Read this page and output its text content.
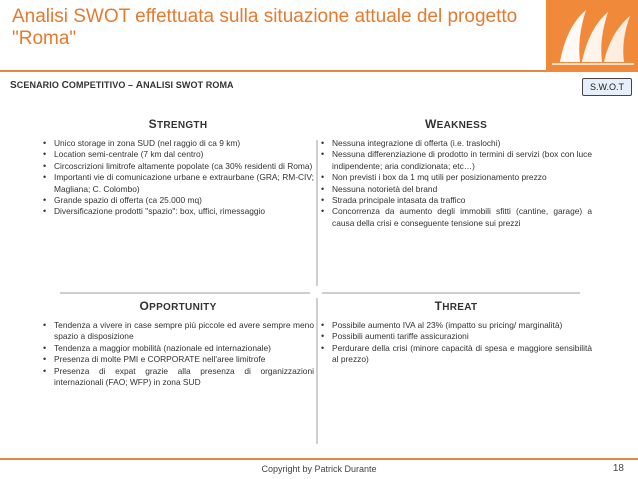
Analisi SWOT effettuata sulla situazione attuale del progetto "Roma"
SCENARIO COMPETITIVO – ANALISI SWOT ROMA	S.W.O.T
STRENGTH
• Unico storage in zona SUD (nel raggio di ca 9 km)
• Location semi-centrale (7 km dal centro)
• Circoscrizioni limitrofe altamente popolate (ca 30% residenti di Roma)
• Importanti vie di comunicazione urbane e extraurbane (GRA; RM-CIV; Magliana; C. Colombo)
• Grande spazio di offerta (ca 25.000 mq)
• Diversificazione prodotti "spazio": box, uffici, rimessaggio
WEAKNESS
• Nessuna integrazione di offerta (i.e. traslochi)
• Nessuna differenziazione di prodotto in termini di servizi (box con luce indipendente; aria condizionata; etc…)
• Non previsti i box da 1 mq utili per posizionamento prezzo
• Nessuna notorietà del brand
• Strada principale intasata da traffico
• Concorrenza da aumento degli immobili sfitti (cantine, garage) a causa della crisi e conseguente tensione sui prezzi
OPPORTUNITY
• Tendenza a vivere in case sempre più piccole ed avere sempre meno spazio a disposizione
• Tendenza a maggior mobilità (nazionale ed internazionale)
• Presenza di molte PMI e CORPORATE nell'aree limitrofe
• Presenza di expat grazie alla presenza di organizzazioni internazionali (FAO; WFP) in zona SUD
THREAT
• Possibile aumento IVA al 23% (impatto su pricing/ marginalità)
• Possibili aumenti tariffe assicurazioni
• Perdurare della crisi (minore capacità di spesa e maggiore sensibilità al prezzo)
Copyright by Patrick Durante	18
